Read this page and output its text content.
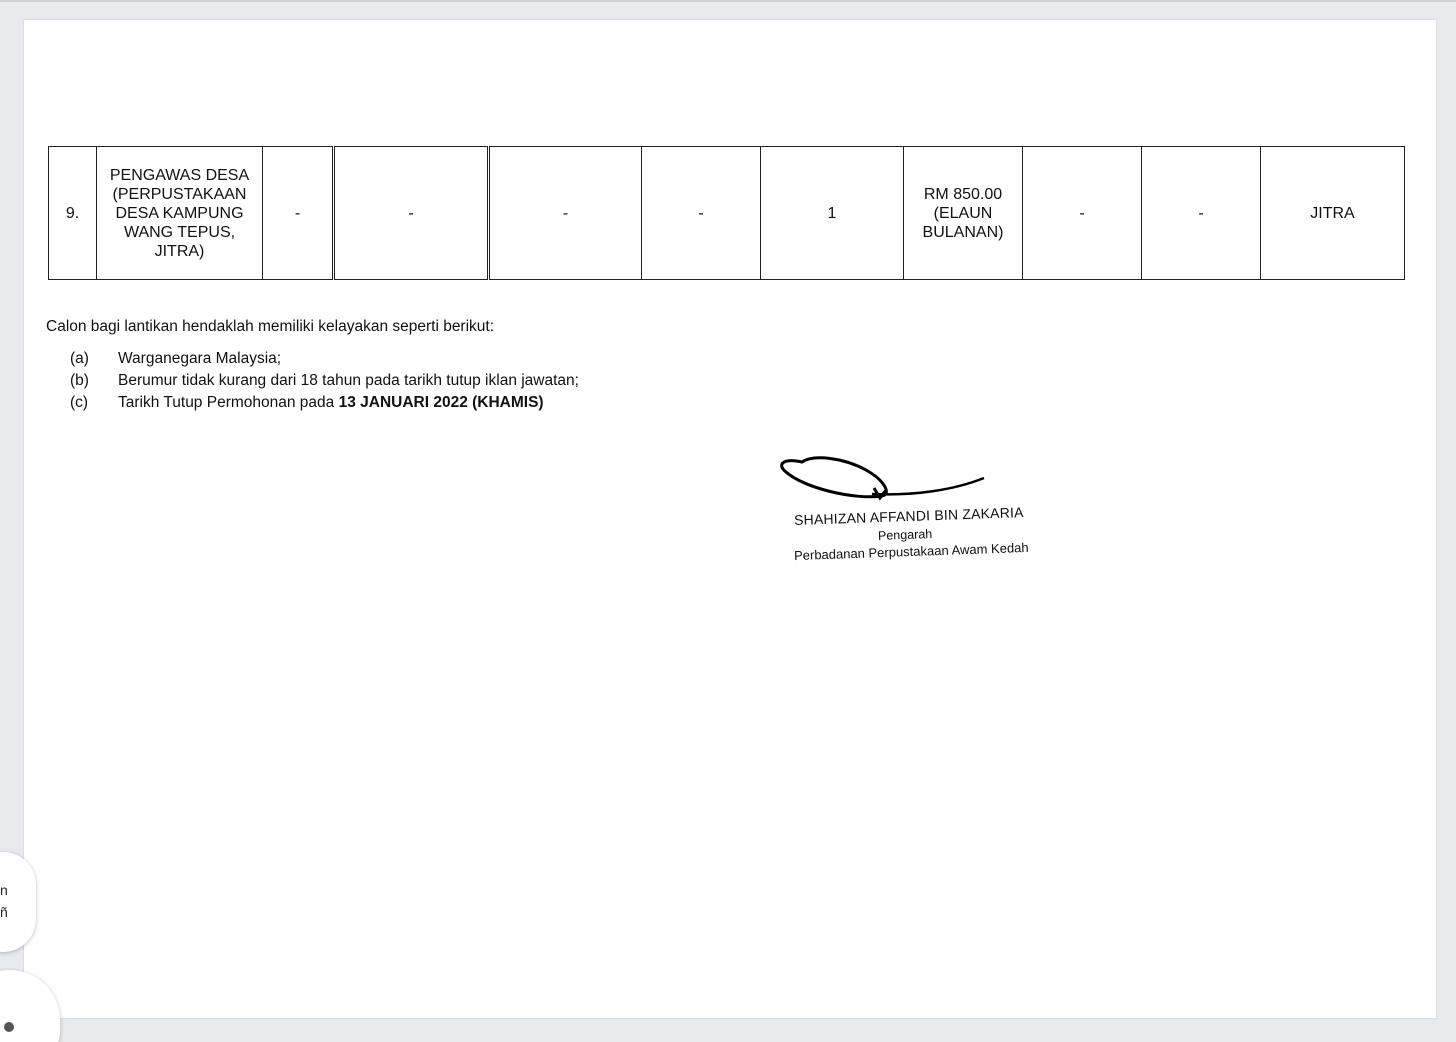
9.	PENGAWAS DESA (PERPUSTAKAAN DESA KAMPUNG WANG TEPUS, JITRA)	-	-	-	-	1	RM 850.00 (ELAUN BULANAN)	-	-	JITRA
Calon bagi lantikan hendaklah memiliki kelayakan seperti berikut:
(a)	Warganegara Malaysia;
(b)	Berumur tidak kurang dari 18 tahun pada tarikh tutup iklan jawatan;
(c)	Tarikh Tutup Permohonan pada 13 JANUARI 2022 (KHAMIS)
SHAHIZAN AFFANDI BIN ZAKARIA
Pengarah
Perbadanan Perpustakaan Awam Kedah
n
ñ
